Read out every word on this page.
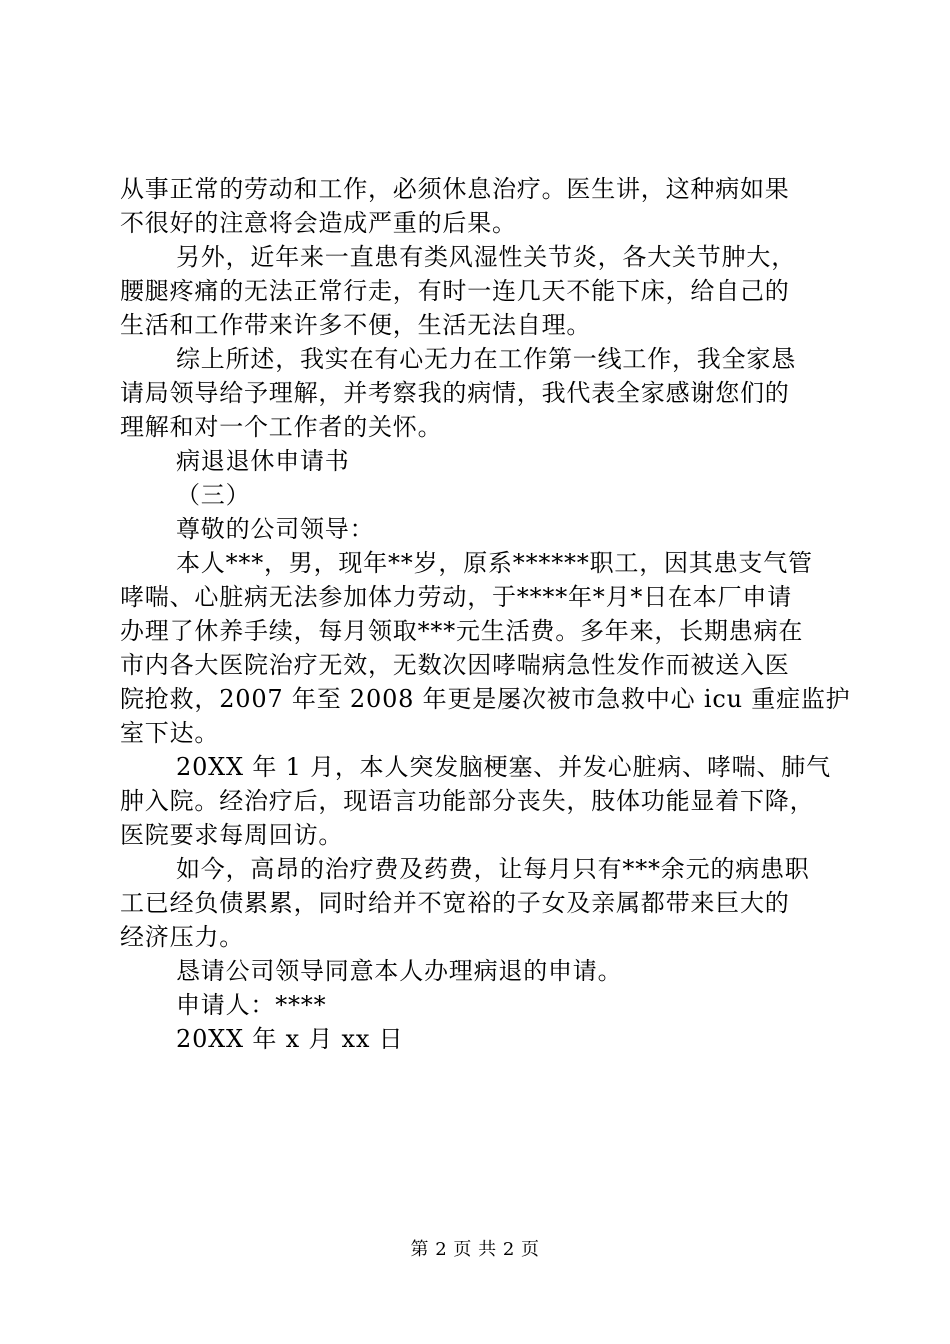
从事正常的劳动和工作，必须休息治疗。医生讲，这种病如果
不很好的注意将会造成严重的后果。
另外，近年来一直患有类风湿性关节炎，各大关节肿大，
腰腿疼痛的无法正常行走，有时一连几天不能下床，给自己的
生活和工作带来许多不便，生活无法自理。
综上所述，我实在有心无力在工作第一线工作，我全家恳
请局领导给予理解，并考察我的病情，我代表全家感谢您们的
理解和对一个工作者的关怀。
病退退休申请书
（三）
尊敬的公司领导：
本人***，男，现年**岁，原系******职工，因其患支气管
哮喘、心脏病无法参加体力劳动，于****年*月*日在本厂申请
办理了休养手续，每月领取***元生活费。多年来，长期患病在
市内各大医院治疗无效，无数次因哮喘病急性发作而被送入医
院抢救，2007 年至 2008 年更是屡次被市急救中心 icu 重症监护
室下达。
20XX 年 1 月，本人突发脑梗塞、并发心脏病、哮喘、肺气
肿入院。经治疗后，现语言功能部分丧失，肢体功能显着下降，
医院要求每周回访。
如今，高昂的治疗费及药费，让每月只有***余元的病患职
工已经负债累累，同时给并不宽裕的子女及亲属都带来巨大的
经济压力。
恳请公司领导同意本人办理病退的申请。
申请人：****
20XX 年 x 月 xx 日
第 2 页 共 2 页
